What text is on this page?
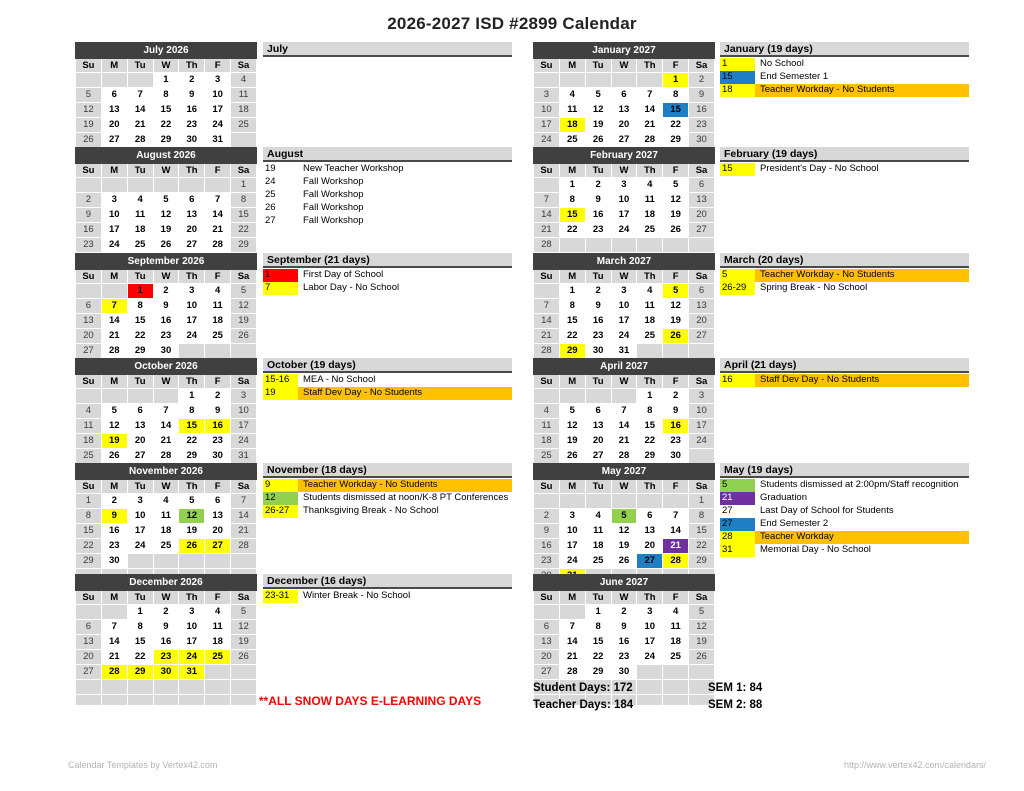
2026-2027 ISD #2899 Calendar
July 2026						
Su	M	Tu	W	Th	F	Sa
			1	2	3	4
5	6	7	8	9	10	11
12	13	14	15	16	17	18
19	20	21	22	23	24	25
26	27	28	29	30	31	

August 2026						
Su	M	Tu	W	Th	F	Sa
						1
2	3	4	5	6	7	8
9	10	11	12	13	14	15
16	17	18	19	20	21	22
23	24	25	26	27	28	29

September 2026						
Su	M	Tu	W	Th	F	Sa
		1	2	3	4	5
6	7	8	9	10	11	12
13	14	15	16	17	18	19
20	21	22	23	24	25	26
27	28	29	30			

October 2026						
Su	M	Tu	W	Th	F	Sa
				1	2	3
4	5	6	7	8	9	10
11	12	13	14	15	16	17
18	19	20	21	22	23	24
25	26	27	28	29	30	31

November 2026						
Su	M	Tu	W	Th	F	Sa
1	2	3	4	5	6	7
8	9	10	11	12	13	14
15	16	17	18	19	20	21
22	23	24	25	26	27	28
29	30					

December 2026						
Su	M	Tu	W	Th	F	Sa
		1	2	3	4	5
6	7	8	9	10	11	12
13	14	15	16	17	18	19
20	21	22	23	24	25	26
27	28	29	30	31		

July
August
19	New Teacher Workshop
24	Fall Workshop
25	Fall Workshop
26	Fall Workshop
27	Fall Workshop
September (21 days)
1	First Day of School
7	Labor Day - No School
October (19 days)
15-16	MEA - No School
19	Staff Dev Day - No Students
November (18 days)
9	Teacher Workday - No Students
12	Students dismissed at noon/K-8 PT Conferences
26-27	Thanksgiving Break - No School
December (16 days)
23-31	Winter Break - No School
January 2027						
Su	M	Tu	W	Th	F	Sa
					1	2
3	4	5	6	7	8	9
10	11	12	13	14	15	16
17	18	19	20	21	22	23
24	25	26	27	28	29	30

February 2027						
Su	M	Tu	W	Th	F	Sa
	1	2	3	4	5	6
7	8	9	10	11	12	13
14	15	16	17	18	19	20
21	22	23	24	25	26	27
28						

March 2027						
Su	M	Tu	W	Th	F	Sa
	1	2	3	4	5	6
7	8	9	10	11	12	13
14	15	16	17	18	19	20
21	22	23	24	25	26	27
28	29	30	31			

April 2027						
Su	M	Tu	W	Th	F	Sa
				1	2	3
4	5	6	7	8	9	10
11	12	13	14	15	16	17
18	19	20	21	22	23	24
25	26	27	28	29	30	

May 2027						
Su	M	Tu	W	Th	F	Sa
						1
2	3	4	5	6	7	8
9	10	11	12	13	14	15
16	17	18	19	20	21	22
23	24	25	26	27	28	29

June 2027						
Su	M	Tu	W	Th	F	Sa
		1	2	3	4	5
6	7	8	9	10	11	12
13	14	15	16	17	18	19
20	21	22	23	24	25	26
27	28	29	30			

January (19 days)
1	No School
15	End Semester 1
18	Teacher Workday - No Students
February (19 days)
15	President's Day - No School
March (20 days)
5	Teacher Workday - No Students
26-29	Spring Break - No School
April (21 days)
16	Staff Dev Day - No Students
May (19 days)
5	Students dismissed at 2:00pm/Staff recognition
21	Graduation
27	Last Day of School for Students
27	End Semester 2
28	Teacher Workday
31	Memorial Day - No School
**ALL SNOW DAYS E-LEARNING DAYS
Student Days: 172	SEM 1: 84
Teacher Days: 184	SEM 2: 88
Calendar Templates by Vertex42.com	http://www.vertex42.com/calendars/
